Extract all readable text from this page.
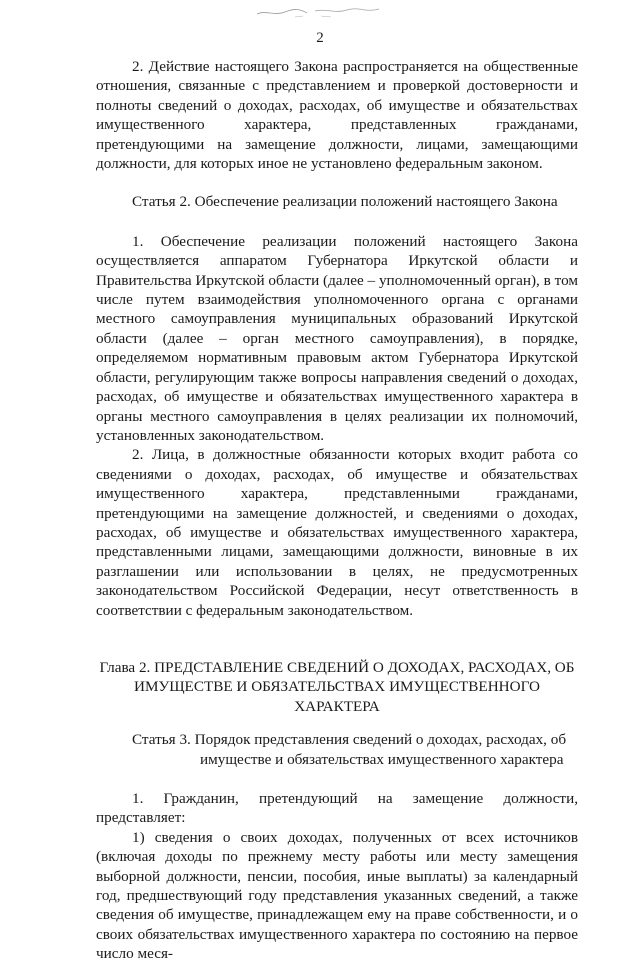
2

2. Действие настоящего Закона распространяется на общественные отношения, связанные с представлением и проверкой достоверности и полноты сведений о доходах, расходах, об имуществе и обязательствах имущественного характера, представленных гражданами, претендующими на замещение должности, лицами, замещающими должности, для которых иное не установлено федеральным законом.

Статья 2. Обеспечение реализации положений настоящего Закона

1. Обеспечение реализации положений настоящего Закона осуществляется аппаратом Губернатора Иркутской области и Правительства Иркутской области (далее – уполномоченный орган), в том числе путем взаимодействия уполномоченного органа с органами местного самоуправления муниципальных образований Иркутской области (далее – орган местного самоуправления), в порядке, определяемом нормативным правовым актом Губернатора Иркутской области, регулирующим также вопросы направления сведений о доходах, расходах, об имуществе и обязательствах имущественного характера в органы местного самоуправления в целях реализации их полномочий, установленных законодательством.

2. Лица, в должностные обязанности которых входит работа со сведениями о доходах, расходах, об имуществе и обязательствах имущественного характера, представленными гражданами, претендующими на замещение должностей, и сведениями о доходах, расходах, об имуществе и обязательствах имущественного характера, представленными лицами, замещающими должности, виновные в их разглашении или использовании в целях, не предусмотренных законодательством Российской Федерации, несут ответственность в соответствии с федеральным законодательством.

Глава 2. ПРЕДСТАВЛЕНИЕ СВЕДЕНИЙ О ДОХОДАХ, РАСХОДАХ, ОБ ИМУЩЕСТВЕ И ОБЯЗАТЕЛЬСТВАХ ИМУЩЕСТВЕННОГО ХАРАКТЕРА

Статья 3. Порядок представления сведений о доходах, расходах, об
имуществе и обязательствах имущественного характера

1. Гражданин, претендующий на замещение должности, представляет:

1) сведения о своих доходах, полученных от всех источников (включая доходы по прежнему месту работы или месту замещения выборной должности, пенсии, пособия, иные выплаты) за календарный год, предшествующий году представления указанных сведений, а также сведения об имуществе, принадлежащем ему на праве собственности, и о своих обязательствах имущественного характера по состоянию на первое число меся-
